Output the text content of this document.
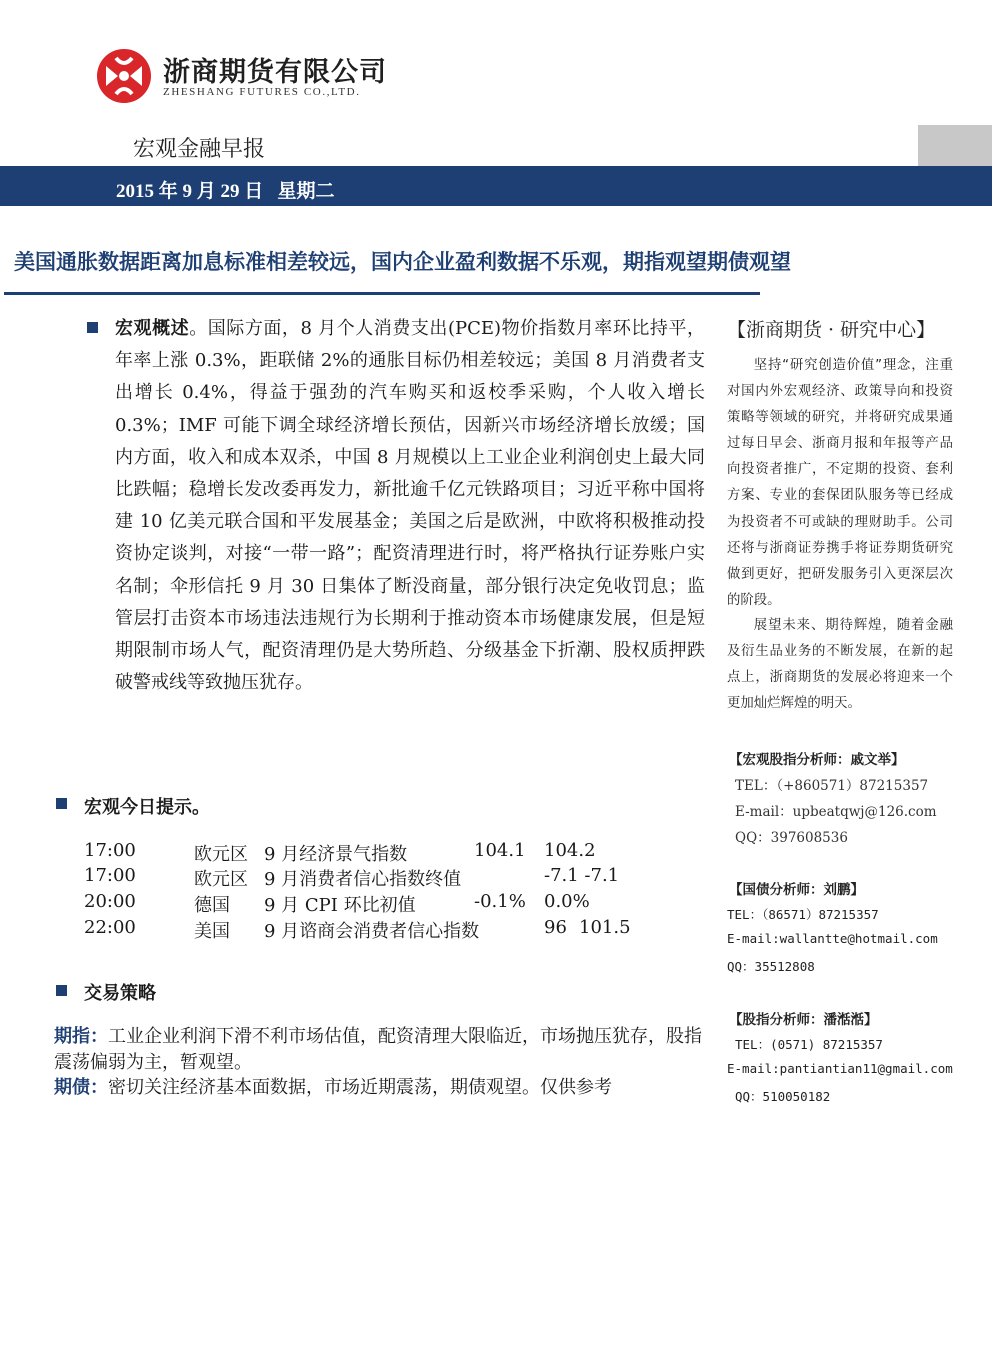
浙商期货有限公司
ZHESHANG FUTURES CO.,LTD.
宏观金融早报
2015 年 9 月 29 日 星期二
美国通胀数据距离加息标准相差较远，国内企业盈利数据不乐观，期指观望期债观望
宏观概述。国际方面，8 月个人消费支出(PCE)物价指数月率环比持平，年率上涨 0.3%，距联储 2%的通胀目标仍相差较远；美国 8 月消费者支出增长 0.4%，得益于强劲的汽车购买和返校季采购，个人收入增长 0.3%；IMF 可能下调全球经济增长预估，因新兴市场经济增长放缓；国内方面，收入和成本双杀，中国 8 月规模以上工业企业利润创史上最大同比跌幅；稳增长发改委再发力，新批逾千亿元铁路项目；习近平称中国将建 10 亿美元联合国和平发展基金；美国之后是欧洲，中欧将积极推动投资协定谈判，对接“一带一路”；配资清理进行时，将严格执行证券账户实名制；伞形信托 9 月 30 日集体了断没商量，部分银行决定免收罚息；监管层打击资本市场违法违规行为长期利于推动资本市场健康发展，但是短期限制市场人气，配资清理仍是大势所趋、分级基金下折潮、股权质押跌破警戒线等致抛压犹存。
宏观今日提示。
17:00	欧元区 9 月经济景气指数	104.1 104.2
17:00	欧元区 9 月消费者信心指数终值	-7.1 -7.1
20:00	德国 9 月 CPI 环比初值	-0.1% 0.0%
22:00	美国 9 月谘商会消费者信心指数	96 101.5
交易策略
期指：工业企业利润下滑不利市场估值，配资清理大限临近，市场抛压犹存，股指震荡偏弱为主，暂观望。
期债：密切关注经济基本面数据，市场近期震荡，期债观望。仅供参考
【浙商期货 · 研究中心】
坚持“研究创造价值”理念，注重对国内外宏观经济、政策导向和投资策略等领域的研究，并将研究成果通过每日早会、浙商月报和年报等产品向投资者推广，不定期的投资、套利方案、专业的套保团队服务等已经成为投资者不可或缺的理财助手。公司还将与浙商证券携手将证券期货研究做到更好，把研发服务引入更深层次的阶段。
展望未来、期待辉煌，随着金融及衍生品业务的不断发展，在新的起点上，浙商期货的发展必将迎来一个更加灿烂辉煌的明天。
【宏观股指分析师：戚文举】
TEL：（+860571）87215357
E-mail：upbeatqwj@126.com
QQ：397608536
【国债分析师：刘鹏】
TEL：（86571）87215357
E-mail:wallantte@hotmail.com
QQ：35512808
【股指分析师：潘湉湉】
TEL：(0571) 87215357
E-mail:pantiantian11@gmail.com
QQ：510050182
